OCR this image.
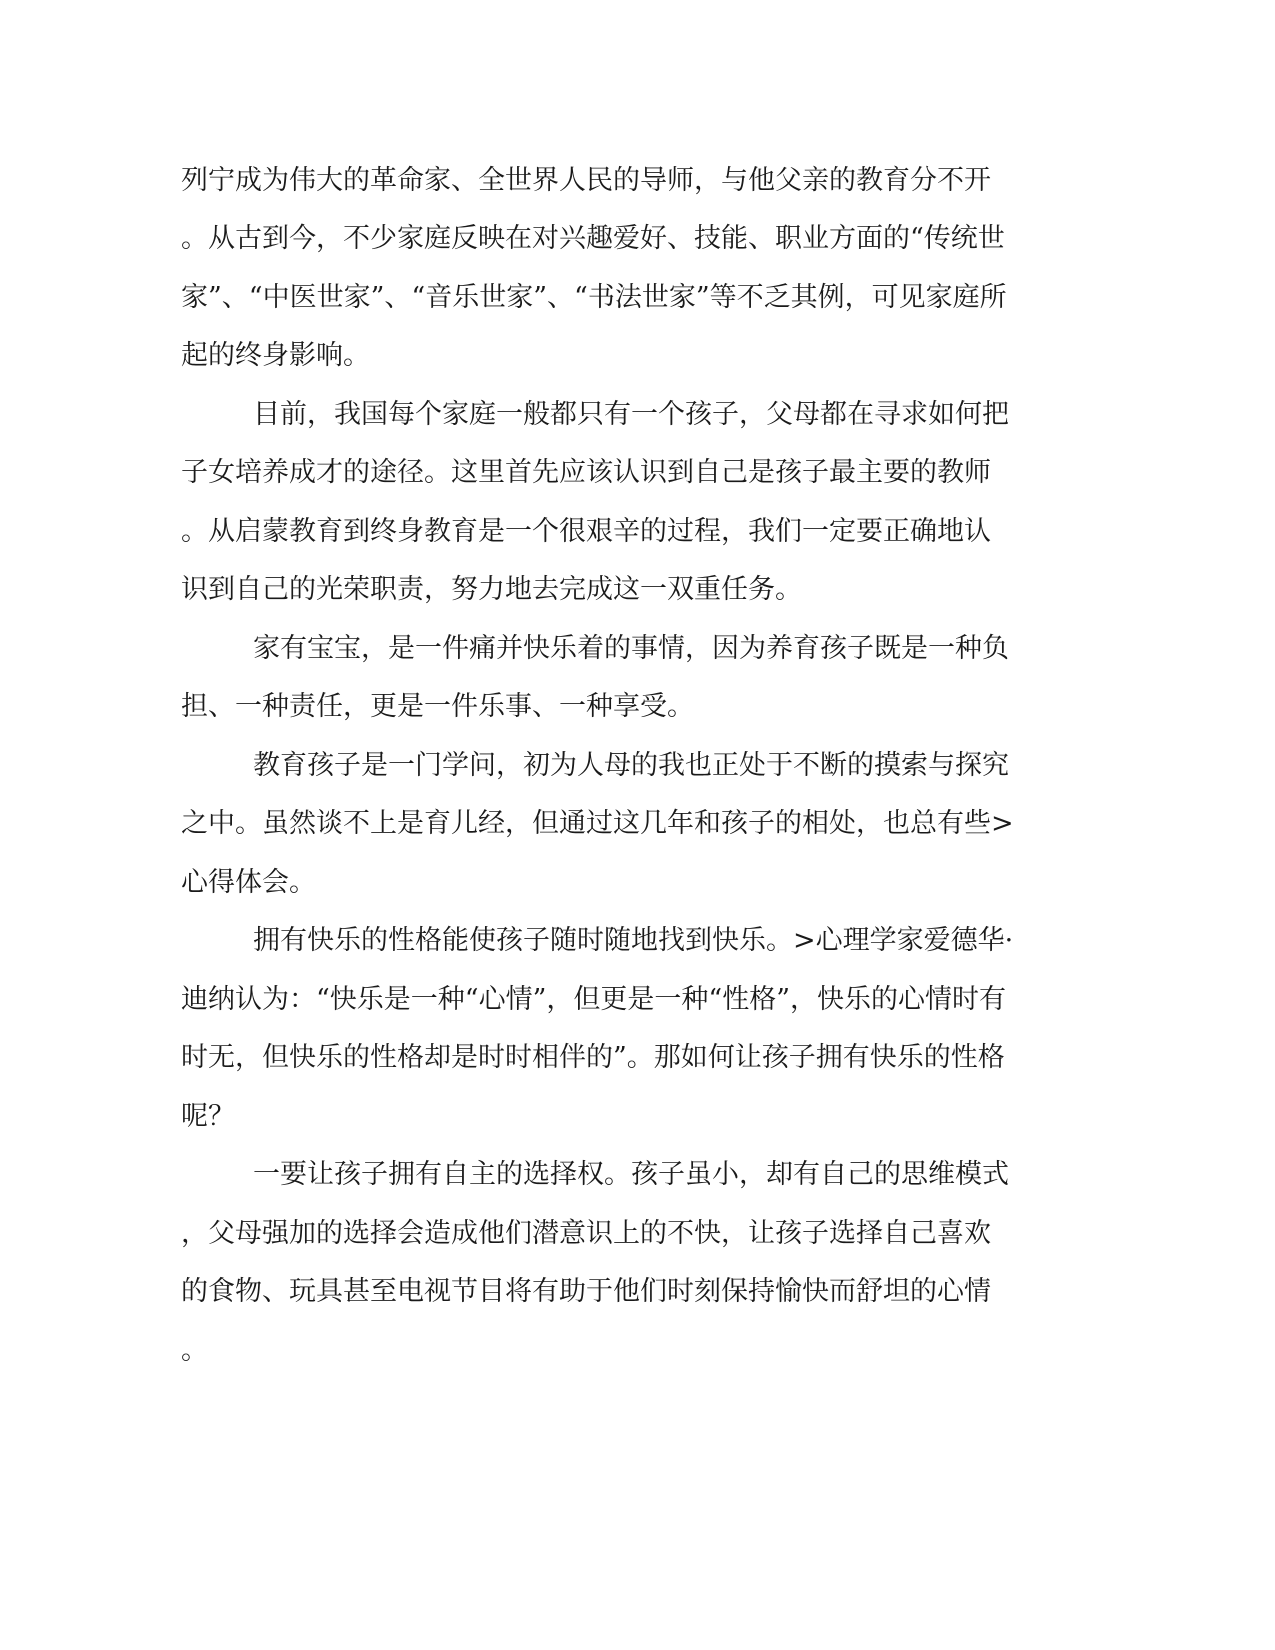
列宁成为伟大的革命家、全世界人民的导师，与他父亲的教育分不开
。从古到今，不少家庭反映在对兴趣爱好、技能、职业方面的“传统世
家”、“中医世家”、“音乐世家”、“书法世家”等不乏其例，可见家庭所
起的终身影响。
目前，我国每个家庭一般都只有一个孩子，父母都在寻求如何把
子女培养成才的途径。这里首先应该认识到自己是孩子最主要的教师
。从启蒙教育到终身教育是一个很艰辛的过程，我们一定要正确地认
识到自己的光荣职责，努力地去完成这一双重任务。
家有宝宝，是一件痛并快乐着的事情，因为养育孩子既是一种负
担、一种责任，更是一件乐事、一种享受。
教育孩子是一门学问，初为人母的我也正处于不断的摸索与探究
之中。虽然谈不上是育儿经，但通过这几年和孩子的相处，也总有些>
心得体会。
拥有快乐的性格能使孩子随时随地找到快乐。>心理学家爱德华·
迪纳认为：“快乐是一种“心情”，但更是一种“性格”，快乐的心情时有
时无，但快乐的性格却是时时相伴的”。那如何让孩子拥有快乐的性格
呢？
一要让孩子拥有自主的选择权。孩子虽小，却有自己的思维模式
，父母强加的选择会造成他们潜意识上的不快，让孩子选择自己喜欢
的食物、玩具甚至电视节目将有助于他们时刻保持愉快而舒坦的心情
。
